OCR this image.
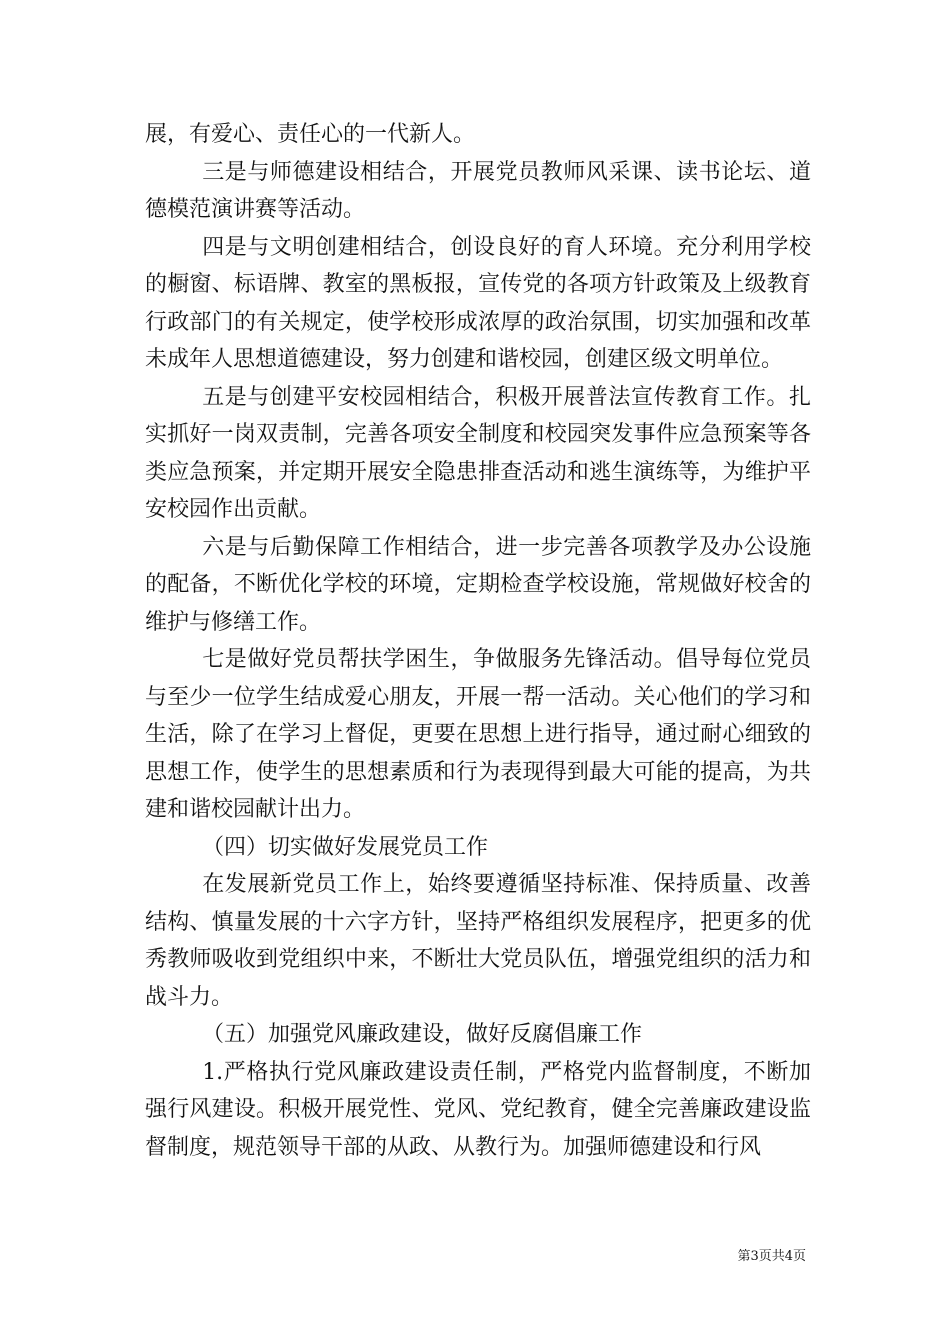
展，有爱心、责任心的一代新人。

三是与师德建设相结合，开展党员教师风采课、读书论坛、道德模范演讲赛等活动。

四是与文明创建相结合，创设良好的育人环境。充分利用学校的橱窗、标语牌、教室的黑板报，宣传党的各项方针政策及上级教育行政部门的有关规定，使学校形成浓厚的政治氛围，切实加强和改革未成年人思想道德建设，努力创建和谐校园，创建区级文明单位。

五是与创建平安校园相结合，积极开展普法宣传教育工作。扎实抓好一岗双责制，完善各项安全制度和校园突发事件应急预案等各类应急预案，并定期开展安全隐患排查活动和逃生演练等，为维护平安校园作出贡献。

六是与后勤保障工作相结合，进一步完善各项教学及办公设施的配备，不断优化学校的环境，定期检查学校设施，常规做好校舍的维护与修缮工作。

七是做好党员帮扶学困生，争做服务先锋活动。倡导每位党员与至少一位学生结成爱心朋友，开展一帮一活动。关心他们的学习和生活，除了在学习上督促，更要在思想上进行指导，通过耐心细致的思想工作，使学生的思想素质和行为表现得到最大可能的提高，为共建和谐校园献计出力。

（四）切实做好发展党员工作

在发展新党员工作上，始终要遵循坚持标准、保持质量、改善结构、慎量发展的十六字方针，坚持严格组织发展程序，把更多的优秀教师吸收到党组织中来，不断壮大党员队伍，增强党组织的活力和战斗力。

（五）加强党风廉政建设，做好反腐倡廉工作

1.严格执行党风廉政建设责任制，严格党内监督制度，不断加强行风建设。积极开展党性、党风、党纪教育，健全完善廉政建设监督制度，规范领导干部的从政、从教行为。加强师德建设和行风

第3页共4页
